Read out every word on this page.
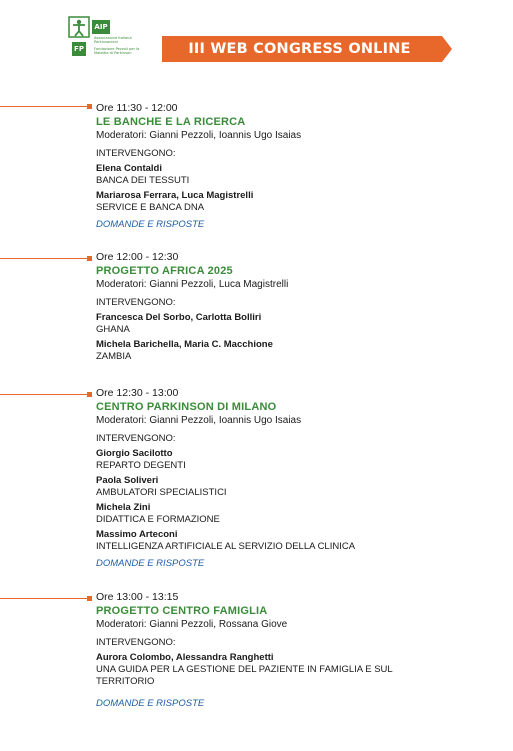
AIP
Associazione Italiana Parkinsoniani
FP	Fondazione Pezzoli per la Malattia di Parkinson	III WEB CONGRESS ONLINE
Ore 11:30 - 12:00
LE BANCHE E LA RICERCA
Moderatori: Gianni Pezzoli, Ioannis Ugo Isaias
INTERVENGONO:
Elena Contaldi
BANCA DEI TESSUTI
Mariarosa Ferrara, Luca Magistrelli
SERVICE E BANCA DNA
DOMANDE E RISPOSTE
Ore 12:00 - 12:30
PROGETTO AFRICA 2025
Moderatori: Gianni Pezzoli, Luca Magistrelli
INTERVENGONO:
Francesca Del Sorbo, Carlotta Bolliri
GHANA
Michela Barichella, Maria C. Macchione
ZAMBIA
Ore 12:30 - 13:00
CENTRO PARKINSON DI MILANO
Moderatori: Gianni Pezzoli, Ioannis Ugo Isaias
INTERVENGONO:
Giorgio Sacilotto
REPARTO DEGENTI
Paola Soliveri
AMBULATORI SPECIALISTICI
Michela Zini
DIDATTICA E FORMAZIONE
Massimo Arteconi
INTELLIGENZA ARTIFICIALE AL SERVIZIO DELLA CLINICA
DOMANDE E RISPOSTE
Ore 13:00 - 13:15
PROGETTO CENTRO FAMIGLIA
Moderatori: Gianni Pezzoli, Rossana Giove
INTERVENGONO:
Aurora Colombo, Alessandra Ranghetti
UNA GUIDA PER LA GESTIONE DEL PAZIENTE IN FAMIGLIA E SUL TERRITORIO
DOMANDE E RISPOSTE
